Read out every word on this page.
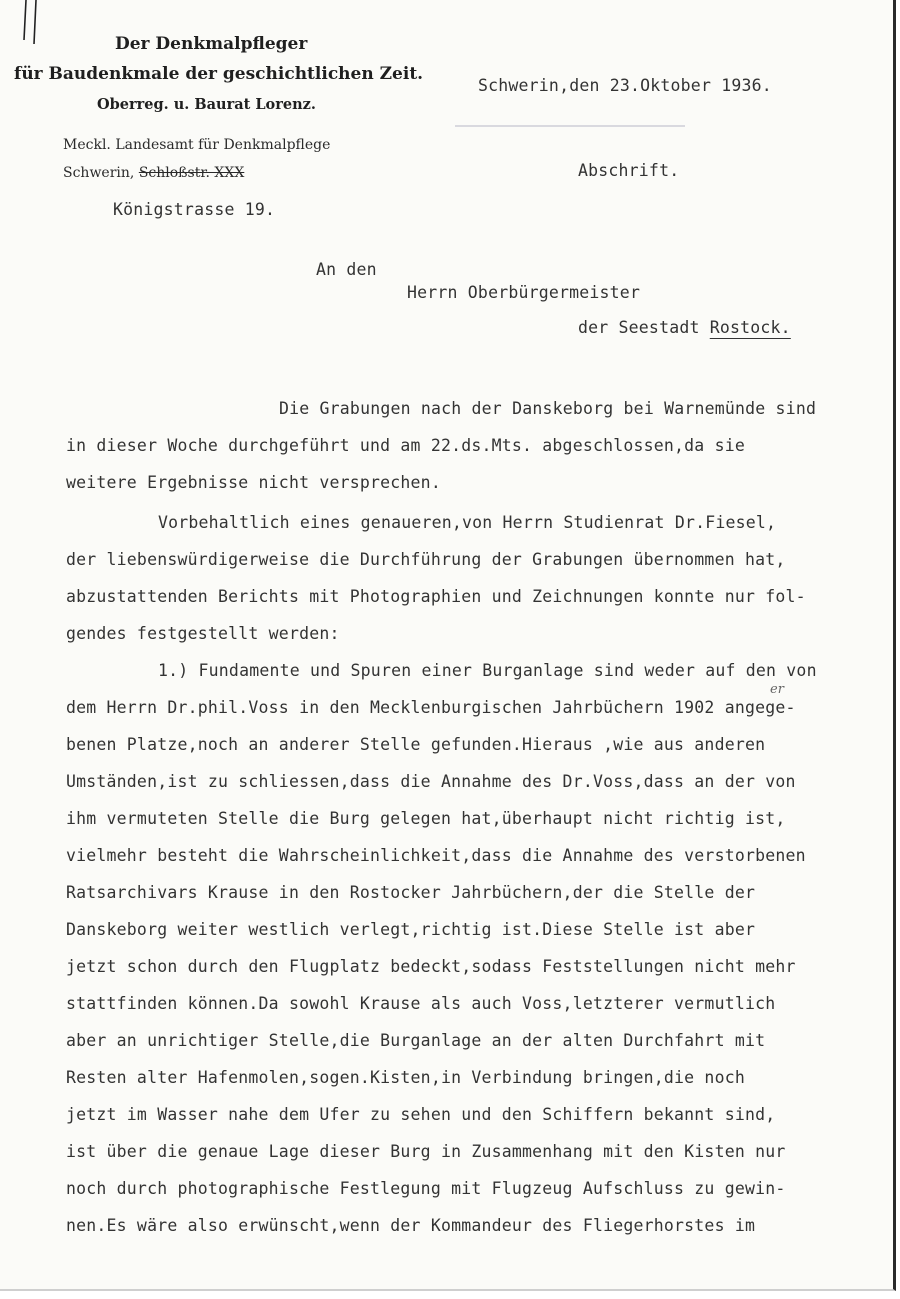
Der Denkmalpfleger
für Baudenkmale der geschichtlichen Zeit.
Oberreg. u. Baurat Lorenz.
Meckl. Landesamt für Denkmalpflege
Schwerin, Schloßstr. XXX
Königstrasse 19.
Schwerin,den 23.Oktober 1936.
Abschrift.
An den
Herrn Oberbürgermeister
der Seestadt Rostock.
Die Grabungen nach der Danskeborg bei Warnemünde sind
in dieser Woche durchgeführt und am 22.ds.Mts. abgeschlossen,da sie
weitere Ergebnisse nicht versprechen.
Vorbehaltlich eines genaueren,von Herrn Studienrat Dr.Fiesel,
der liebenswürdigerweise die Durchführung der Grabungen übernommen hat,
abzustattenden Berichts mit Photographien und Zeichnungen konnte nur fol-
gendes festgestellt werden:
1.) Fundamente und Spuren einer Burganlage sind weder auf den von
er
dem Herrn Dr.phil.Voss in den Mecklenburgischen Jahrbüchern 1902 angege-
benen Platze,noch an anderer Stelle gefunden.Hieraus ,wie aus anderen
Umständen,ist zu schliessen,dass die Annahme des Dr.Voss,dass an der von
ihm vermuteten Stelle die Burg gelegen hat,überhaupt nicht richtig ist,
vielmehr besteht die Wahrscheinlichkeit,dass die Annahme des verstorbenen
Ratsarchivars Krause in den Rostocker Jahrbüchern,der die Stelle der
Danskeborg weiter westlich verlegt,richtig ist.Diese Stelle ist aber
jetzt schon durch den Flugplatz bedeckt,sodass Feststellungen nicht mehr
stattfinden können.Da sowohl Krause als auch Voss,letzterer vermutlich
aber an unrichtiger Stelle,die Burganlage an der alten Durchfahrt mit
Resten alter Hafenmolen,sogen.Kisten,in Verbindung bringen,die noch
jetzt im Wasser nahe dem Ufer zu sehen und den Schiffern bekannt sind,
ist über die genaue Lage dieser Burg in Zusammenhang mit den Kisten nur
noch durch photographische Festlegung mit Flugzeug Aufschluss zu gewin-
nen.Es wäre also erwünscht,wenn der Kommandeur des Fliegerhorstes im
